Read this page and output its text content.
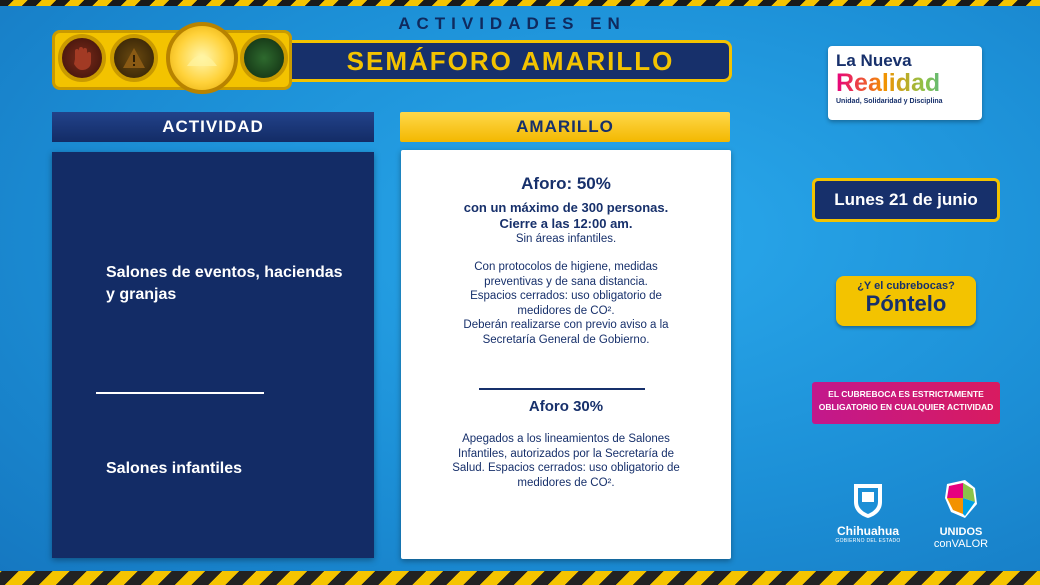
ACTIVIDADES EN
SEMÁFORO AMARILLO
ACTIVIDAD	AMARILLO
Salones de eventos, haciendas y granjas
Salones infantiles
Aforo: 50%
con un máximo de 300 personas.
Cierre a las 12:00 am.
Sin áreas infantiles.
Con protocolos de higiene, medidas
preventivas y de sana distancia.
Espacios cerrados: uso obligatorio de
medidores de CO².
Deberán realizarse con previo aviso a la
Secretaría General de Gobierno.
Aforo 30%
Apegados a los lineamientos de Salones
Infantiles, autorizados por la Secretaría de
Salud. Espacios cerrados: uso obligatorio de
medidores de CO².
La Nueva
Realidad
Unidad, Solidaridad y Disciplina
Lunes 21 de junio
¿Y el cubrebocas?
Póntelo
EL CUBREBOCA ES ESTRICTAMENTE
OBLIGATORIO EN CUALQUIER ACTIVIDAD
Chihuahua
GOBIERNO DEL ESTADO
UNIDOS
conVALOR
